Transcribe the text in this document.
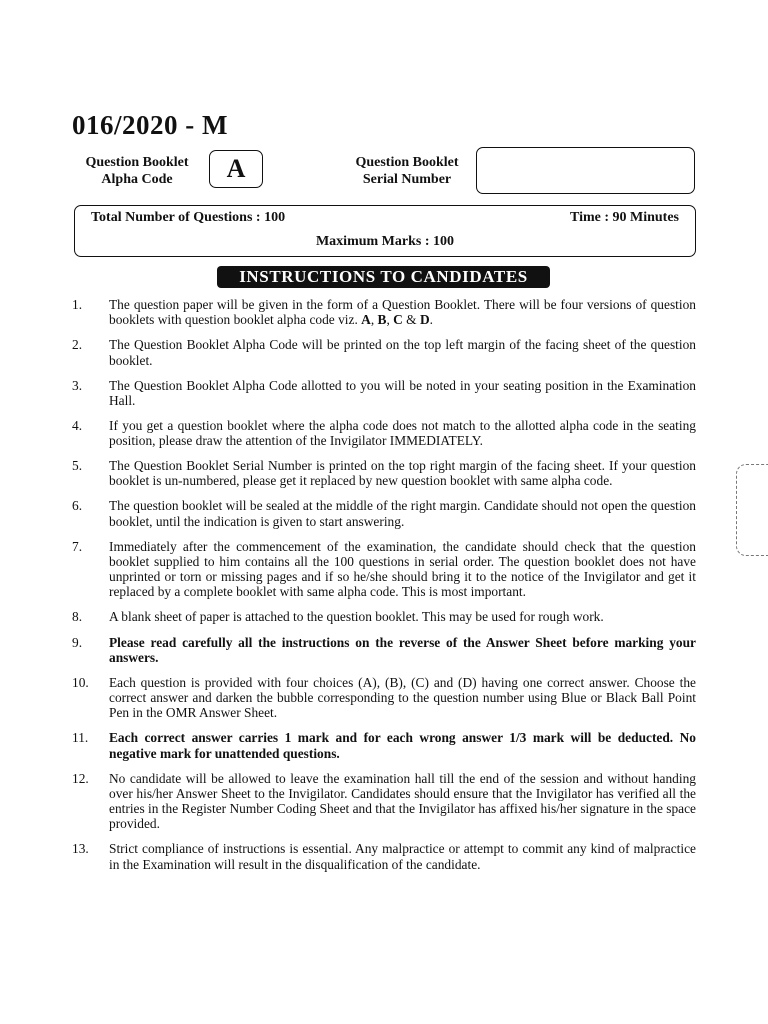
016/2020 - M
Question Booklet
Alpha Code	A	Question Booklet
Serial Number
Total Number of Questions : 100	Time : 90 Minutes
Maximum Marks : 100
INSTRUCTIONS TO CANDIDATES
1. The question paper will be given in the form of a Question Booklet. There will be four versions of question booklets with question booklet alpha code viz. A, B, C & D.
2. The Question Booklet Alpha Code will be printed on the top left margin of the facing sheet of the question booklet.
3. The Question Booklet Alpha Code allotted to you will be noted in your seating position in the Examination Hall.
4. If you get a question booklet where the alpha code does not match to the allotted alpha code in the seating position, please draw the attention of the Invigilator IMMEDIATELY.
5. The Question Booklet Serial Number is printed on the top right margin of the facing sheet. If your question booklet is un-numbered, please get it replaced by new question booklet with same alpha code.
6. The question booklet will be sealed at the middle of the right margin. Candidate should not open the question booklet, until the indication is given to start answering.
7. Immediately after the commencement of the examination, the candidate should check that the question booklet supplied to him contains all the 100 questions in serial order. The question booklet does not have unprinted or torn or missing pages and if so he/she should bring it to the notice of the Invigilator and get it replaced by a complete booklet with same alpha code. This is most important.
8. A blank sheet of paper is attached to the question booklet. This may be used for rough work.
9. Please read carefully all the instructions on the reverse of the Answer Sheet before marking your answers.
10. Each question is provided with four choices (A), (B), (C) and (D) having one correct answer. Choose the correct answer and darken the bubble corresponding to the question number using Blue or Black Ball Point Pen in the OMR Answer Sheet.
11. Each correct answer carries 1 mark and for each wrong answer 1/3 mark will be deducted. No negative mark for unattended questions.
12. No candidate will be allowed to leave the examination hall till the end of the session and without handing over his/her Answer Sheet to the Invigilator. Candidates should ensure that the Invigilator has verified all the entries in the Register Number Coding Sheet and that the Invigilator has affixed his/her signature in the space provided.
13. Strict compliance of instructions is essential. Any malpractice or attempt to commit any kind of malpractice in the Examination will result in the disqualification of the candidate.
